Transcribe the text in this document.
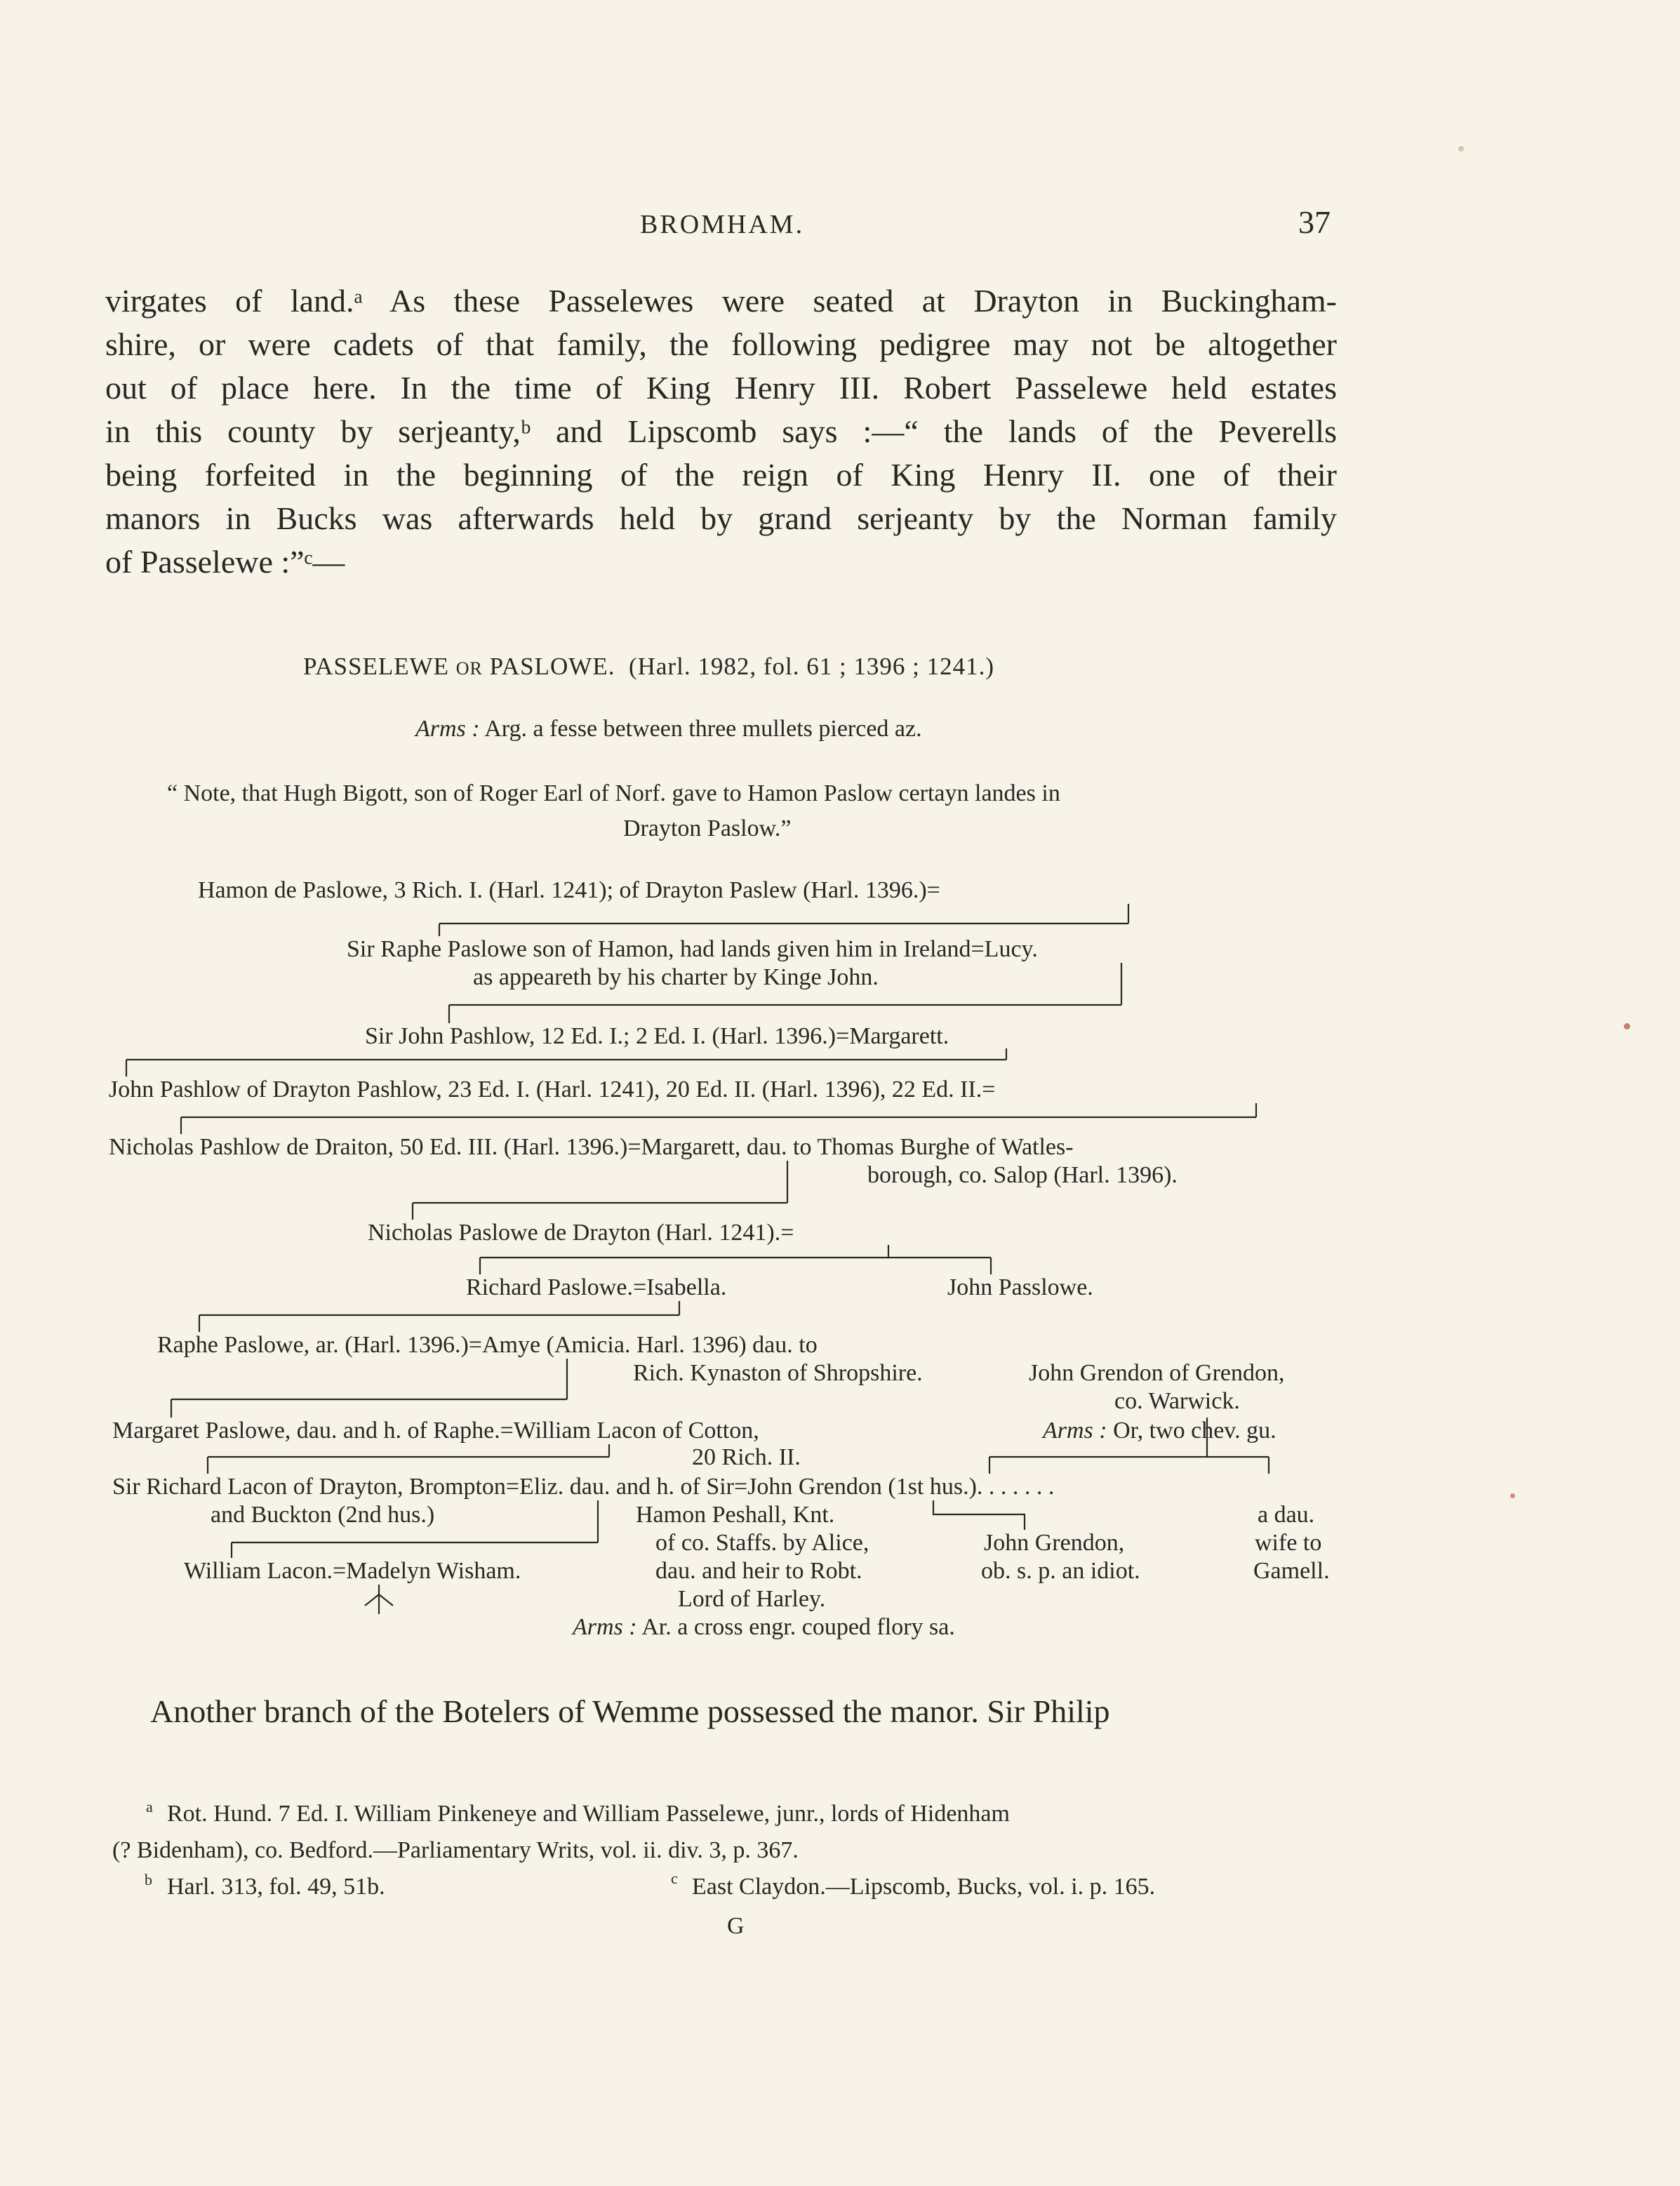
BROMHAM.	37
virgates of land.ᵃ As these Passelewes were seated at Drayton in Buckingham-
shire, or were cadets of that family, the following pedigree may not be altogether
out of place here. In the time of King Henry III. Robert Passelewe held estates
in this county by serjeanty,ᵇ and Lipscomb says :—“ the lands of the Peverells
being forfeited in the beginning of the reign of King Henry II. one of their
manors in Bucks was afterwards held by grand serjeanty by the Norman family
of Passelewe :”ᶜ—
PASSELEWE OR PASLOWE. (Harl. 1982, fol. 61 ; 1396 ; 1241.)
Arms : Arg. a fesse between three mullets pierced az.
“ Note, that Hugh Bigott, son of Roger Earl of Norf. gave to Hamon Paslow certayn landes in
Drayton Paslow.”
Hamon de Paslowe, 3 Rich. I. (Harl. 1241); of Drayton Paslew (Harl. 1396.)=
Sir Raphe Paslowe son of Hamon, had lands given him in Ireland=Lucy.
as appeareth by his charter by Kinge John.
Sir John Pashlow, 12 Ed. I.; 2 Ed. I. (Harl. 1396.)=Margarett.
John Pashlow of Drayton Pashlow, 23 Ed. I. (Harl. 1241), 20 Ed. II. (Harl. 1396), 22 Ed. II.=
Nicholas Pashlow de Draiton, 50 Ed. III. (Harl. 1396.)=Margarett, dau. to Thomas Burghe of Watles-
borough, co. Salop (Harl. 1396).
Nicholas Paslowe de Drayton (Harl. 1241).=
Richard Paslowe.=Isabella.	John Passlowe.
Raphe Paslowe, ar. (Harl. 1396.)=Amye (Amicia. Harl. 1396) dau. to
Rich. Kynaston of Shropshire.	John Grendon of Grendon,
co. Warwick.
Margaret Paslowe, dau. and h. of Raphe.=William Lacon of Cotton,
20 Rich. II.
Arms : Or, two chev. gu.
Sir Richard Lacon of Drayton, Brompton=Eliz. dau. and h. of Sir=John Grendon (1st hus.). . . . . . .
and Buckton (2nd hus.)	Hamon Peshall, Knt.
of co. Staffs. by Alice,
dau. and heir to Robt.
Lord of Harley.
John Grendon,
ob. s. p. an idiot.
a dau.
wife to
Gamell.
William Lacon.=Madelyn Wisham.
Arms : Ar. a cross engr. couped flory sa.
Another branch of the Botelers of Wemme possessed the manor. Sir Philip
a Rot. Hund. 7 Ed. I. William Pinkeneye and William Passelewe, junr., lords of Hidenham
(? Bidenham), co. Bedford.—Parliamentary Writs, vol. ii. div. 3, p. 367.
b Harl. 313, fol. 49, 51b.	c East Claydon.—Lipscomb, Bucks, vol. i. p. 165.
G
